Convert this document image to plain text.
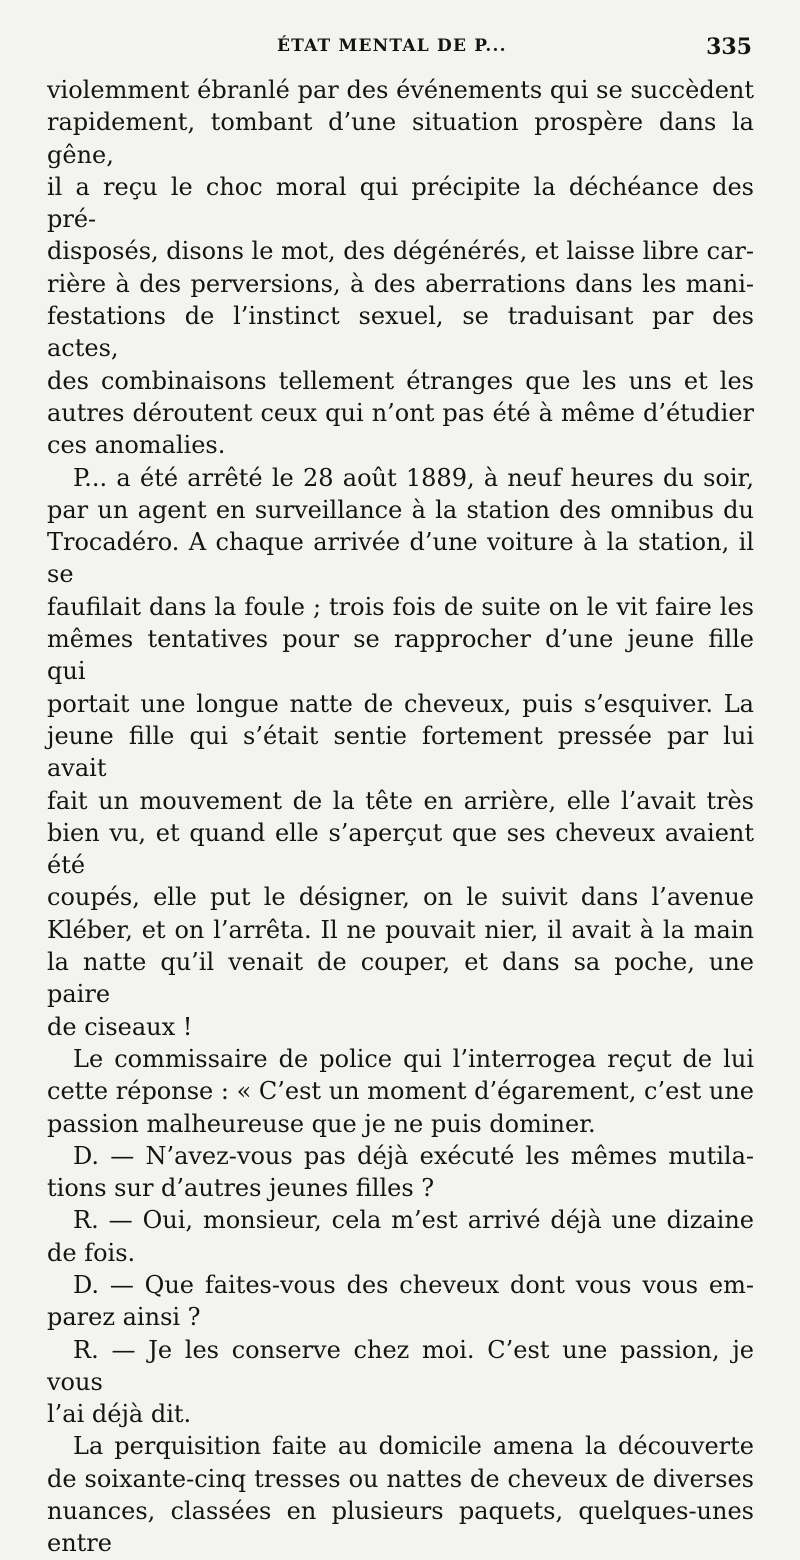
ÉTAT MENTAL DE P...	335

violemment ébranlé par des événements qui se succèdent

rapidement, tombant d’une situation prospère dans la gêne,

il a reçu le choc moral qui précipite la déchéance des pré-

disposés, disons le mot, des dégénérés, et laisse libre car-

rière à des perversions, à des aberrations dans les mani-

festations de l’instinct sexuel, se traduisant par des actes,

des combinaisons tellement étranges que les uns et les

autres déroutent ceux qui n’ont pas été à même d’étudier

ces anomalies.

P... a été arrêté le 28 août 1889, à neuf heures du soir,

par un agent en surveillance à la station des omnibus du

Trocadéro. A chaque arrivée d’une voiture à la station, il se

faufilait dans la foule ; trois fois de suite on le vit faire les

mêmes tentatives pour se rapprocher d’une jeune fille qui

portait une longue natte de cheveux, puis s’esquiver. La

jeune fille qui s’était sentie fortement pressée par lui avait

fait un mouvement de la tête en arrière, elle l’avait très

bien vu, et quand elle s’aperçut que ses cheveux avaient été

coupés, elle put le désigner, on le suivit dans l’avenue

Kléber, et on l’arrêta. Il ne pouvait nier, il avait à la main

la natte qu’il venait de couper, et dans sa poche, une paire

de ciseaux !

Le commissaire de police qui l’interrogea reçut de lui

cette réponse : « C’est un moment d’égarement, c’est une

passion malheureuse que je ne puis dominer.

D. — N’avez-vous pas déjà exécuté les mêmes mutila-

tions sur d’autres jeunes filles ?

R. — Oui, monsieur, cela m’est arrivé déjà une dizaine

de fois.

D. — Que faites-vous des cheveux dont vous vous em-

parez ainsi ?

R. — Je les conserve chez moi. C’est une passion, je vous

l’ai déjà dit.

La perquisition faite au domicile amena la découverte

de soixante-cinq tresses ou nattes de cheveux de diverses

nuances, classées en plusieurs paquets, quelques-unes entre
